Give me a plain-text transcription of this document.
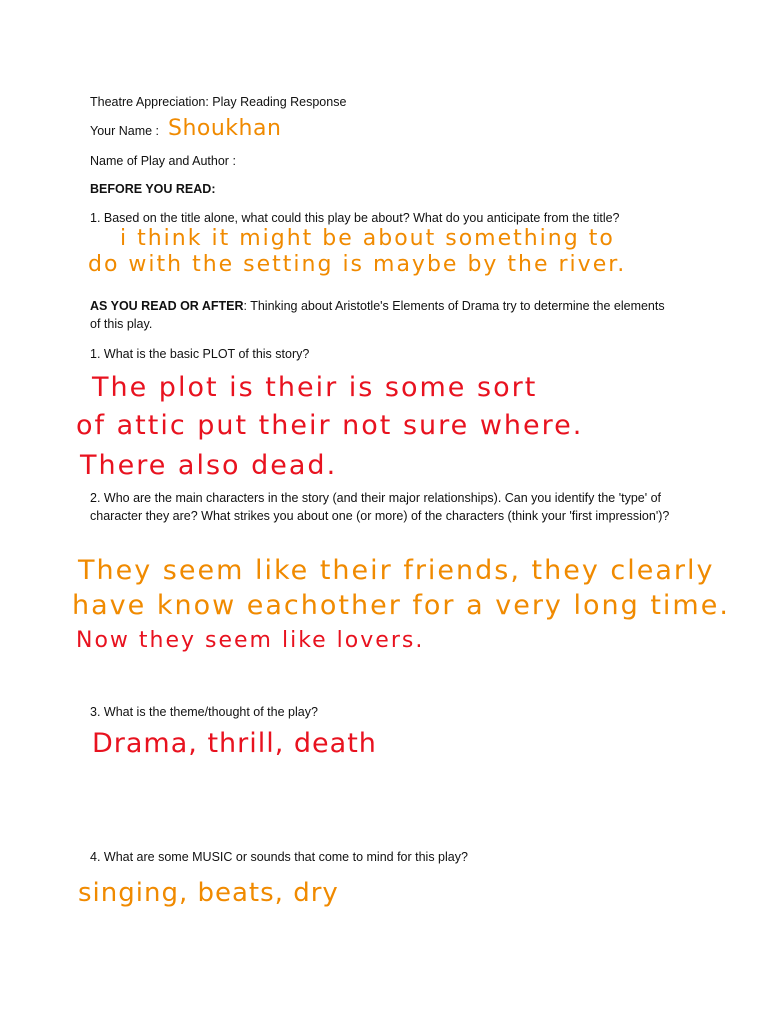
Theatre Appreciation: Play Reading Response
Your Name : Shoukhan
Name of Play and Author :
BEFORE YOU READ:
1. Based on the title alone, what could this play be about? What do you anticipate from the title?
i think it might be about something to
do with the setting is maybe by the river.
AS YOU READ OR AFTER: Thinking about Aristotle's Elements of Drama try to determine the elements of this play.
1. What is the basic PLOT of this story?
The plot is their is some sort
of attic put their not sure where.
There also dead.
2. Who are the main characters in the story (and their major relationships). Can you identify the 'type' of character they are? What strikes you about one (or more) of the characters (think your 'first impression')?
They seem like their friends, they clearly
have know eachother for a very long time.
Now they seem like lovers.
3. What is the theme/thought of the play?
Drama, thrill, death
4. What are some MUSIC or sounds that come to mind for this play?
singing, beats, dry
